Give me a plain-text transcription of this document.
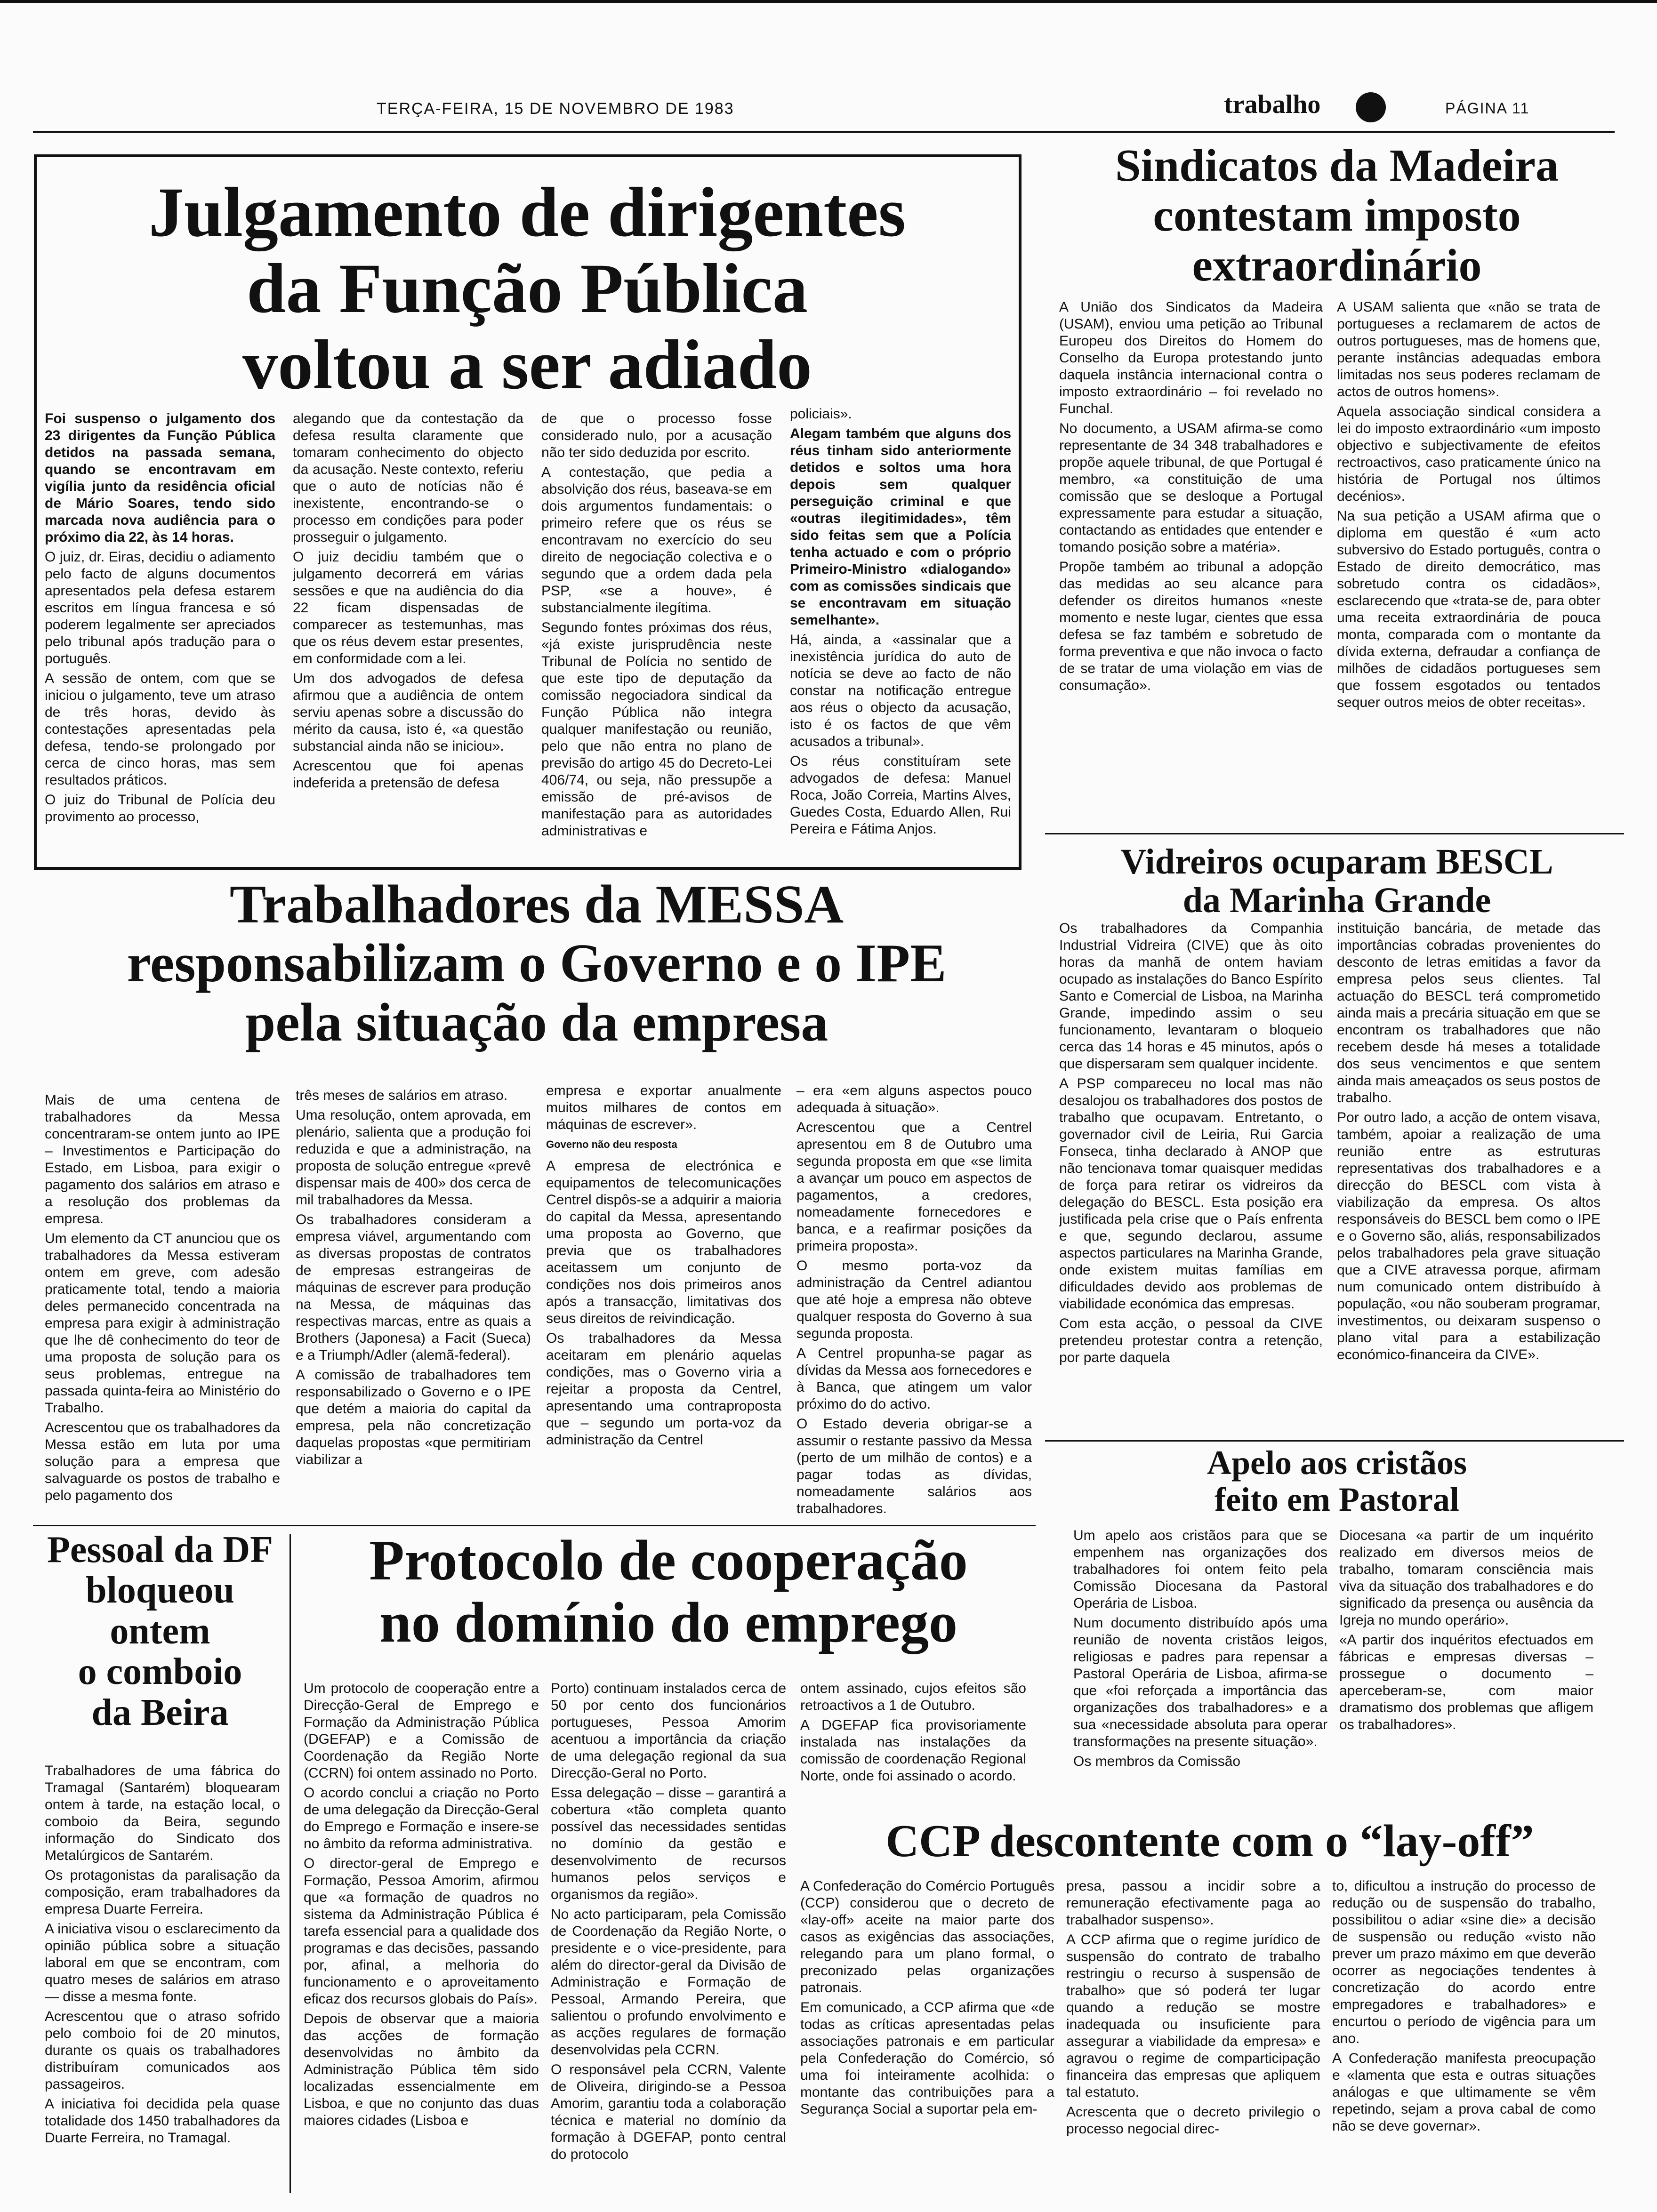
TERÇA-FEIRA, 15 DE NOVEMBRO DE 1983	trabalho	PÁGINA 11
Julgamento de dirigentes
da Função Pública
voltou a ser adiado

Foi suspenso o julgamento dos 23 dirigentes da Função Pública detidos na passada semana, quando se encontravam em vigília junto da residência oficial de Mário Soares, tendo sido marcada nova audiência para o próximo dia 22, às 14 horas.

O juiz, dr. Eiras, decidiu o adiamento pelo facto de alguns documentos apresentados pela defesa estarem escritos em língua francesa e só poderem legalmente ser apreciados pelo tribunal após tradução para o português.

A sessão de ontem, com que se iniciou o julgamento, teve um atraso de três horas, devido às contestações apresentadas pela defesa, tendo-se prolongado por cerca de cinco horas, mas sem resultados práticos.

O juiz do Tribunal de Polícia deu provimento ao processo,

alegando que da contestação da defesa resulta claramente que tomaram conhecimento do objecto da acusação. Neste contexto, referiu que o auto de notícias não é inexistente, encontrando-se o processo em condições para poder prosseguir o julgamento.

O juiz decidiu também que o julgamento decorrerá em várias sessões e que na audiência do dia 22 ficam dispensadas de comparecer as testemunhas, mas que os réus devem estar presentes, em conformidade com a lei.

Um dos advogados de defesa afirmou que a audiência de ontem serviu apenas sobre a discussão do mérito da causa, isto é, «a questão substancial ainda não se iniciou».

Acrescentou que foi apenas indeferida a pretensão de defesa

de que o processo fosse considerado nulo, por a acusação não ter sido deduzida por escrito.

A contestação, que pedia a absolvição dos réus, baseava-se em dois argumentos fundamentais: o primeiro refere que os réus se encontravam no exercício do seu direito de negociação colectiva e o segundo que a ordem dada pela PSP, «se a houve», é substancialmente ilegítima.

Segundo fontes próximas dos réus, «já existe jurisprudência neste Tribunal de Polícia no sentido de que este tipo de deputação da comissão negociadora sindical da Função Pública não integra qualquer manifestação ou reunião, pelo que não entra no plano de previsão do artigo 45 do Decreto-Lei 406/74, ou seja, não pressupõe a emissão de pré-avisos de manifestação para as autoridades administrativas e

policiais».

Alegam também que alguns dos réus tinham sido anteriormente detidos e soltos uma hora depois sem qualquer perseguição criminal e que «outras ilegitimidades», têm sido feitas sem que a Polícia tenha actuado e com o próprio Primeiro-Ministro «dialogando» com as comissões sindicais que se encontravam em situação semelhante».

Há, ainda, a «assinalar que a inexistência jurídica do auto de notícia se deve ao facto de não constar na notificação entregue aos réus o objecto da acusação, isto é os factos de que vêm acusados a tribunal».

Os réus constituíram sete advogados de defesa: Manuel Roca, João Correia, Martins Alves, Guedes Costa, Eduardo Allen, Rui Pereira e Fátima Anjos.

Sindicatos da Madeira
contestam imposto
extraordinário

A União dos Sindicatos da Madeira (USAM), enviou uma petição ao Tribunal Europeu dos Direitos do Homem do Conselho da Europa protestando junto daquela instância internacional contra o imposto extraordinário – foi revelado no Funchal.

No documento, a USAM afirma-se como representante de 34 348 trabalhadores e propõe aquele tribunal, de que Portugal é membro, «a constituição de uma comissão que se desloque a Portugal expressamente para estudar a situação, contactando as entidades que entender e tomando posição sobre a matéria».

Propõe também ao tribunal a adopção das medidas ao seu alcance para defender os direitos humanos «neste momento e neste lugar, cientes que essa defesa se faz também e sobretudo de forma preventiva e que não invoca o facto de se tratar de uma violação em vias de consumação».

A USAM salienta que «não se trata de portugueses a reclamarem de actos de outros portugueses, mas de homens que, perante instâncias adequadas embora limitadas nos seus poderes reclamam de actos de outros homens».

Aquela associação sindical considera a lei do imposto extraordinário «um imposto objectivo e subjectivamente de efeitos rectroactivos, caso praticamente único na história de Portugal nos últimos decénios».

Na sua petição a USAM afirma que o diploma em questão é «um acto subversivo do Estado português, contra o Estado de direito democrático, mas sobretudo contra os cidadãos», esclarecendo que «trata-se de, para obter uma receita extraordinária de pouca monta, comparada com o montante da dívida externa, defraudar a confiança de milhões de cidadãos portugueses sem que fossem esgotados ou tentados sequer outros meios de obter receitas».

Trabalhadores da MESSA
responsabilizam o Governo e o IPE
pela situação da empresa

Mais de uma centena de trabalhadores da Messa concentraram-se ontem junto ao IPE – Investimentos e Participação do Estado, em Lisboa, para exigir o pagamento dos salários em atraso e a resolução dos problemas da empresa.

Um elemento da CT anunciou que os trabalhadores da Messa estiveram ontem em greve, com adesão praticamente total, tendo a maioria deles permanecido concentrada na empresa para exigir à administração que lhe dê conhecimento do teor de uma proposta de solução para os seus problemas, entregue na passada quinta-feira ao Ministério do Trabalho.

Acrescentou que os trabalhadores da Messa estão em luta por uma solução para a empresa que salvaguarde os postos de trabalho e pelo pagamento dos

três meses de salários em atraso.

Uma resolução, ontem aprovada, em plenário, salienta que a produção foi reduzida e que a administração, na proposta de solução entregue «prevê dispensar mais de 400» dos cerca de mil trabalhadores da Messa.

Os trabalhadores consideram a empresa viável, argumentando com as diversas propostas de contratos de empresas estrangeiras de máquinas de escrever para produção na Messa, de máquinas das respectivas marcas, entre as quais a Brothers (Japonesa) a Facit (Sueca) e a Triumph/Adler (alemã-federal).

A comissão de trabalhadores tem responsabilizado o Governo e o IPE que detém a maioria do capital da empresa, pela não concretização daquelas propostas «que permitiriam viabilizar a

empresa e exportar anualmente muitos milhares de contos em máquinas de escrever».

Governo não deu resposta

A empresa de electrónica e equipamentos de telecomunicações Centrel dispôs-se a adquirir a maioria do capital da Messa, apresentando uma proposta ao Governo, que previa que os trabalhadores aceitassem um conjunto de condições nos dois primeiros anos após a transacção, limitativas dos seus direitos de reivindicação.

Os trabalhadores da Messa aceitaram em plenário aquelas condições, mas o Governo viria a rejeitar a proposta da Centrel, apresentando uma contraproposta que – segundo um porta-voz da administração da Centrel

– era «em alguns aspectos pouco adequada à situação».

Acrescentou que a Centrel apresentou em 8 de Outubro uma segunda proposta em que «se limita a avançar um pouco em aspectos de pagamentos, a credores, nomeadamente fornecedores e banca, e a reafirmar posições da primeira proposta».

O mesmo porta-voz da administração da Centrel adiantou que até hoje a empresa não obteve qualquer resposta do Governo à sua segunda proposta.

A Centrel propunha-se pagar as dívidas da Messa aos fornecedores e à Banca, que atingem um valor próximo do do activo.

O Estado deveria obrigar-se a assumir o restante passivo da Messa (perto de um milhão de contos) e a pagar todas as dívidas, nomeadamente salários aos trabalhadores.

Vidreiros ocuparam BESCL
da Marinha Grande

Os trabalhadores da Companhia Industrial Vidreira (CIVE) que às oito horas da manhã de ontem haviam ocupado as instalações do Banco Espírito Santo e Comercial de Lisboa, na Marinha Grande, impedindo assim o seu funcionamento, levantaram o bloqueio cerca das 14 horas e 45 minutos, após o que dispersaram sem qualquer incidente.

A PSP compareceu no local mas não desalojou os trabalhadores dos postos de trabalho que ocupavam. Entretanto, o governador civil de Leiria, Rui Garcia Fonseca, tinha declarado à ANOP que não tencionava tomar quaisquer medidas de força para retirar os vidreiros da delegação do BESCL. Esta posição era justificada pela crise que o País enfrenta e que, segundo declarou, assume aspectos particulares na Marinha Grande, onde existem muitas famílias em dificuldades devido aos problemas de viabilidade económica das empresas.

Com esta acção, o pessoal da CIVE pretendeu protestar contra a retenção, por parte daquela

instituição bancária, de metade das importâncias cobradas provenientes do desconto de letras emitidas a favor da empresa pelos seus clientes. Tal actuação do BESCL terá comprometido ainda mais a precária situação em que se encontram os trabalhadores que não recebem desde há meses a totalidade dos seus vencimentos e que sentem ainda mais ameaçados os seus postos de trabalho.

Por outro lado, a acção de ontem visava, também, apoiar a realização de uma reunião entre as estruturas representativas dos trabalhadores e a direcção do BESCL com vista à viabilização da empresa. Os altos responsáveis do BESCL bem como o IPE e o Governo são, aliás, responsabilizados pelos trabalhadores pela grave situação que a CIVE atravessa porque, afirmam num comunicado ontem distribuído à população, «ou não souberam programar, investimentos, ou deixaram suspenso o plano vital para a estabilização económico-financeira da CIVE».

Pessoal da DF
bloqueou
ontem
o comboio
da Beira

Trabalhadores de uma fábrica do Tramagal (Santarém) bloquearam ontem à tarde, na estação local, o comboio da Beira, segundo informação do Sindicato dos Metalúrgicos de Santarém.

Os protagonistas da paralisação da composição, eram trabalhadores da empresa Duarte Ferreira.

A iniciativa visou o esclarecimento da opinião pública sobre a situação laboral em que se encontram, com quatro meses de salários em atraso — disse a mesma fonte.

Acrescentou que o atraso sofrido pelo comboio foi de 20 minutos, durante os quais os trabalhadores distribuíram comunicados aos passageiros.

A iniciativa foi decidida pela quase totalidade dos 1450 trabalhadores da Duarte Ferreira, no Tramagal.

Protocolo de cooperação
no domínio do emprego

Um protocolo de cooperação entre a Direcção-Geral de Emprego e Formação da Administração Pública (DGEFAP) e a Comissão de Coordenação da Região Norte (CCRN) foi ontem assinado no Porto.

O acordo conclui a criação no Porto de uma delegação da Direcção-Geral do Emprego e Formação e insere-se no âmbito da reforma administrativa.

O director-geral de Emprego e Formação, Pessoa Amorim, afirmou que «a formação de quadros no sistema da Administração Pública é tarefa essencial para a qualidade dos programas e das decisões, passando por, afinal, a melhoria do funcionamento e o aproveitamento eficaz dos recursos globais do País».

Depois de observar que a maioria das acções de formação desenvolvidas no âmbito da Administração Pública têm sido localizadas essencialmente em Lisboa, e que no conjunto das duas maiores cidades (Lisboa e

Porto) continuam instalados cerca de 50 por cento dos funcionários portugueses, Pessoa Amorim acentuou a importância da criação de uma delegação regional da sua Direcção-Geral no Porto.

Essa delegação – disse – garantirá a cobertura «tão completa quanto possível das necessidades sentidas no domínio da gestão e desenvolvimento de recursos humanos pelos serviços e organismos da região».

No acto participaram, pela Comissão de Coordenação da Região Norte, o presidente e o vice-presidente, para além do director-geral da Divisão de Administração e Formação de Pessoal, Armando Pereira, que salientou o profundo envolvimento e as acções regulares de formação desenvolvidas pela CCRN.

O responsável pela CCRN, Valente de Oliveira, dirigindo-se a Pessoa Amorim, garantiu toda a colaboração técnica e material no domínio da formação à DGEFAP, ponto central do protocolo

ontem assinado, cujos efeitos são retroactivos a 1 de Outubro.

A DGEFAP fica provisoriamente instalada nas instalações da comissão de coordenação Regional Norte, onde foi assinado o acordo.

Apelo aos cristãos
feito em Pastoral

Um apelo aos cristãos para que se empenhem nas organizações dos trabalhadores foi ontem feito pela Comissão Diocesana da Pastoral Operária de Lisboa.

Num documento distribuído após uma reunião de noventa cristãos leigos, religiosas e padres para repensar a Pastoral Operária de Lisboa, afirma-se que «foi reforçada a importância das organizações dos trabalhadores» e a sua «necessidade absoluta para operar transformações na presente situação».

Os membros da Comissão

Diocesana «a partir de um inquérito realizado em diversos meios de trabalho, tomaram consciência mais viva da situação dos trabalhadores e do significado da presença ou ausência da Igreja no mundo operário».

«A partir dos inquéritos efectuados em fábricas e empresas diversas – prossegue o documento – aperceberam-se, com maior dramatismo dos problemas que afligem os trabalhadores».

CCP descontente com o “lay-off”

A Confederação do Comércio Português (CCP) considerou que o decreto de «lay-off» aceite na maior parte dos casos as exigências das associações, relegando para um plano formal, o preconizado pelas organizações patronais.

Em comunicado, a CCP afirma que «de todas as críticas apresentadas pelas associações patronais e em particular pela Confederação do Comércio, só uma foi inteiramente acolhida: o montante das contribuições para a Segurança Social a suportar pela em-

presa, passou a incidir sobre a remuneração efectivamente paga ao trabalhador suspenso».

A CCP afirma que o regime jurídico de suspensão do contrato de trabalho restringiu o recurso à suspensão de trabalho» que só poderá ter lugar quando a redução se mostre inadequada ou insuficiente para assegurar a viabilidade da empresa» e agravou o regime de comparticipação financeira das empresas que apliquem tal estatuto.

Acrescenta que o decreto privilegio o processo negocial direc-

to, dificultou a instrução do processo de redução ou de suspensão do trabalho, possibilitou o adiar «sine die» a decisão de suspensão ou redução «visto não prever um prazo máximo em que deverão ocorrer as negociações tendentes à concretização do acordo entre empregadores e trabalhadores» e encurtou o período de vigência para um ano.

A Confederação manifesta preocupação e «lamenta que esta e outras situações análogas e que ultimamente se vêm repetindo, sejam a prova cabal de como não se deve governar».
